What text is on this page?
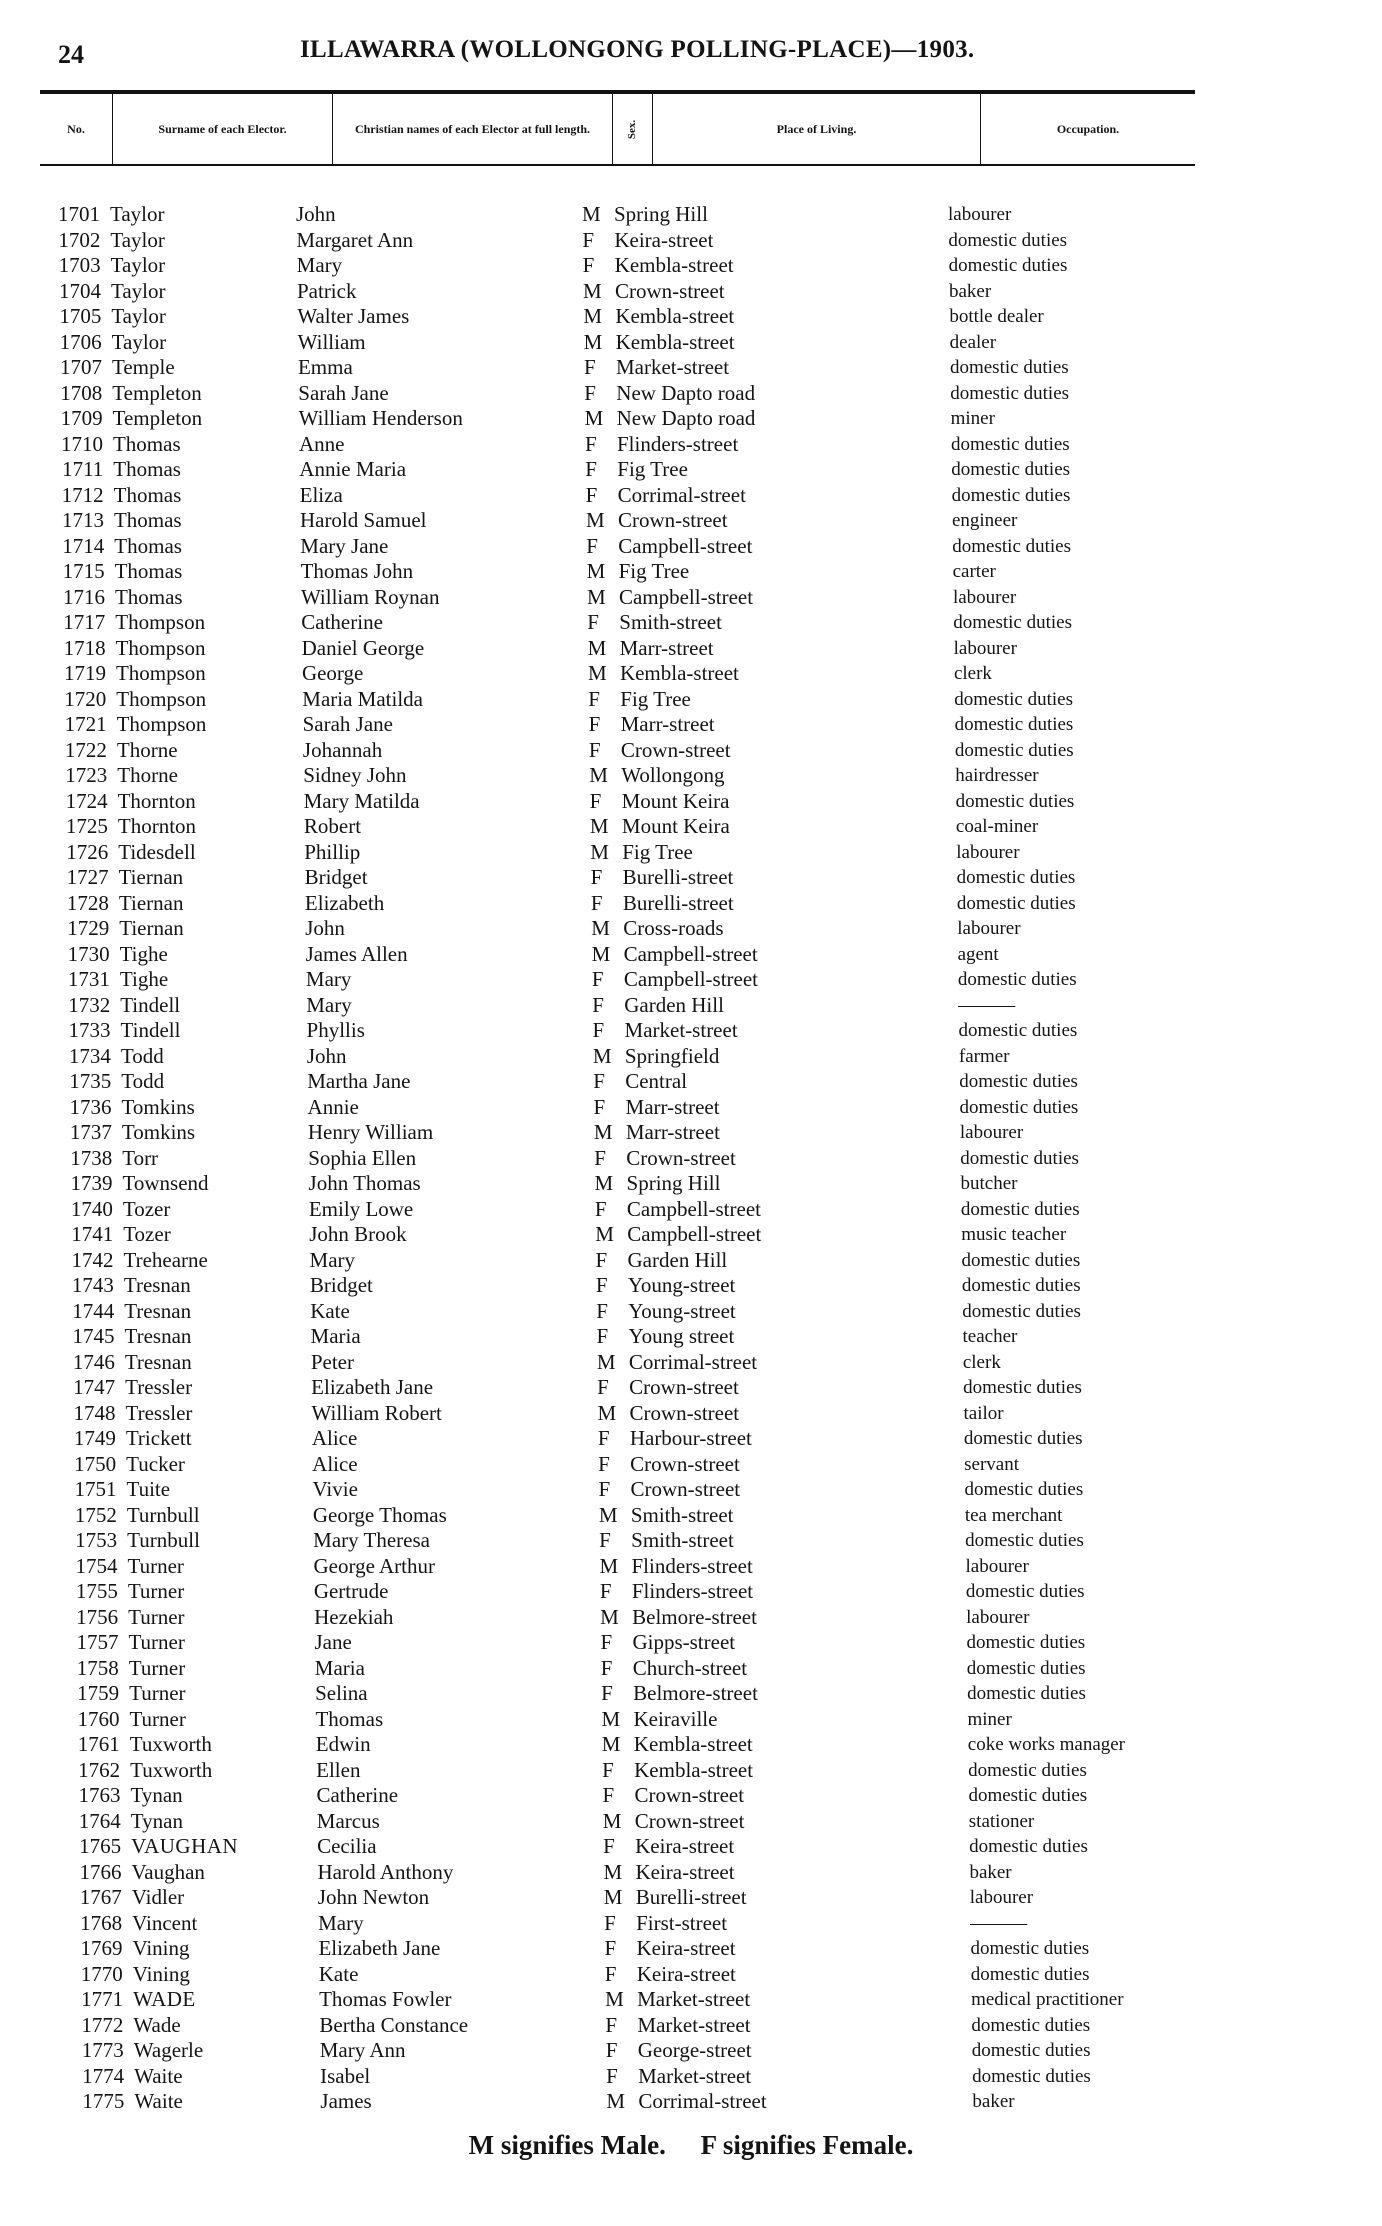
24	ILLAWARRA (WOLLONGONG POLLING-PLACE)—1903.
No.	Surname of each Elector.	Christian names of each Elector at full length.	Sex.	Place of Living.	Occupation.
1701 Taylor	John	M Spring Hill	labourer
1702 Taylor	Margaret Ann	F Keira-street	domestic duties
1703 Taylor	Mary	F Kembla-street	domestic duties
1704 Taylor	Patrick	M Crown-street	baker
1705 Taylor	Walter James	M Kembla-street	bottle dealer
1706 Taylor	William	M Kembla-street	dealer
1707 Temple	Emma	F Market-street	domestic duties
1708 Templeton	Sarah Jane	F New Dapto road	domestic duties
1709 Templeton	William Henderson	M New Dapto road	miner
1710 Thomas	Anne	F Flinders-street	domestic duties
1711 Thomas	Annie Maria	F Fig Tree	domestic duties
1712 Thomas	Eliza	F Corrimal-street	domestic duties
1713 Thomas	Harold Samuel	M Crown-street	engineer
1714 Thomas	Mary Jane	F Campbell-street	domestic duties
1715 Thomas	Thomas John	M Fig Tree	carter
1716 Thomas	William Roynan	M Campbell-street	labourer
1717 Thompson	Catherine	F Smith-street	domestic duties
1718 Thompson	Daniel George	M Marr-street	labourer
1719 Thompson	George	M Kembla-street	clerk
1720 Thompson	Maria Matilda	F Fig Tree	domestic duties
1721 Thompson	Sarah Jane	F Marr-street	domestic duties
1722 Thorne	Johannah	F Crown-street	domestic duties
1723 Thorne	Sidney John	M Wollongong	hairdresser
1724 Thornton	Mary Matilda	F Mount Keira	domestic duties
1725 Thornton	Robert	M Mount Keira	coal-miner
1726 Tidesdell	Phillip	M Fig Tree	labourer
1727 Tiernan	Bridget	F Burelli-street	domestic duties
1728 Tiernan	Elizabeth	F Burelli-street	domestic duties
1729 Tiernan	John	M Cross-roads	labourer
1730 Tighe	James Allen	M Campbell-street	agent
1731 Tighe	Mary	F Campbell-street	domestic duties
1732 Tindell	Mary	F Garden Hill	———
1733 Tindell	Phyllis	F Market-street	domestic duties
1734 Todd	John	M Springfield	farmer
1735 Todd	Martha Jane	F Central	domestic duties
1736 Tomkins	Annie	F Marr-street	domestic duties
1737 Tomkins	Henry William	M Marr-street	labourer
1738 Torr	Sophia Ellen	F Crown-street	domestic duties
1739 Townsend	John Thomas	M Spring Hill	butcher
1740 Tozer	Emily Lowe	F Campbell-street	domestic duties
1741 Tozer	John Brook	M Campbell-street	music teacher
1742 Trehearne	Mary	F Garden Hill	domestic duties
1743 Tresnan	Bridget	F Young-street	domestic duties
1744 Tresnan	Kate	F Young-street	domestic duties
1745 Tresnan	Maria	F Young street	teacher
1746 Tresnan	Peter	M Corrimal-street	clerk
1747 Tressler	Elizabeth Jane	F Crown-street	domestic duties
1748 Tressler	William Robert	M Crown-street	tailor
1749 Trickett	Alice	F Harbour-street	domestic duties
1750 Tucker	Alice	F Crown-street	servant
1751 Tuite	Vivie	F Crown-street	domestic duties
1752 Turnbull	George Thomas	M Smith-street	tea merchant
1753 Turnbull	Mary Theresa	F Smith-street	domestic duties
1754 Turner	George Arthur	M Flinders-street	labourer
1755 Turner	Gertrude	F Flinders-street	domestic duties
1756 Turner	Hezekiah	M Belmore-street	labourer
1757 Turner	Jane	F Gipps-street	domestic duties
1758 Turner	Maria	F Church-street	domestic duties
1759 Turner	Selina	F Belmore-street	domestic duties
1760 Turner	Thomas	M Keiraville	miner
1761 Tuxworth	Edwin	M Kembla-street	coke works manager
1762 Tuxworth	Ellen	F Kembla-street	domestic duties
1763 Tynan	Catherine	F Crown-street	domestic duties
1764 Tynan	Marcus	M Crown-street	stationer
1765 VAUGHAN	Cecilia	F Keira-street	domestic duties
1766 Vaughan	Harold Anthony	M Keira-street	baker
1767 Vidler	John Newton	M Burelli-street	labourer
1768 Vincent	Mary	F First-street	———
1769 Vining	Elizabeth Jane	F Keira-street	domestic duties
1770 Vining	Kate	F Keira-street	domestic duties
1771 WADE	Thomas Fowler	M Market-street	medical practitioner
1772 Wade	Bertha Constance	F Market-street	domestic duties
1773 Wagerle	Mary Ann	F George-street	domestic duties
1774 Waite	Isabel	F Market-street	domestic duties
1775 Waite	James	M Corrimal-street	baker
M signifies Male. F signifies Female.
